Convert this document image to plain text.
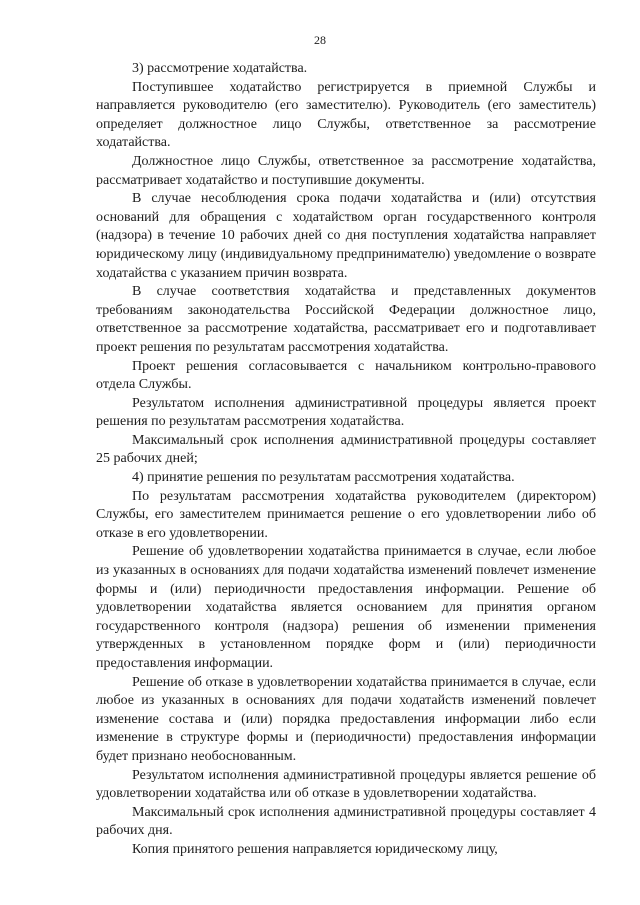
28

3) рассмотрение ходатайства.

Поступившее ходатайство регистрируется в приемной Службы и направляется руководителю (его заместителю). Руководитель (его заместитель) определяет должностное лицо Службы, ответственное за рассмотрение ходатайства.

Должностное лицо Службы, ответственное за рассмотрение ходатайства, рассматривает ходатайство и поступившие документы.

В случае несоблюдения срока подачи ходатайства и (или) отсутствия оснований для обращения с ходатайством орган государственного контроля (надзора) в течение 10 рабочих дней со дня поступления ходатайства направляет юридическому лицу (индивидуальному предпринимателю) уведомление о возврате ходатайства с указанием причин возврата.

В случае соответствия ходатайства и представленных документов требованиям законодательства Российской Федерации должностное лицо, ответственное за рассмотрение ходатайства, рассматривает его и подготавливает проект решения по результатам рассмотрения ходатайства.

Проект решения согласовывается с начальником контрольно-правового отдела Службы.

Результатом исполнения административной процедуры является проект решения по результатам рассмотрения ходатайства.

Максимальный срок исполнения административной процедуры составляет 25 рабочих дней;

4) принятие решения по результатам рассмотрения ходатайства.

По результатам рассмотрения ходатайства руководителем (директором) Службы, его заместителем принимается решение о его удовлетворении либо об отказе в его удовлетворении.

Решение об удовлетворении ходатайства принимается в случае, если любое из указанных в основаниях для подачи ходатайства изменений повлечет изменение формы и (или) периодичности предоставления информации. Решение об удовлетворении ходатайства является основанием для принятия органом государственного контроля (надзора) решения об изменении применения утвержденных в установленном порядке форм и (или) периодичности предоставления информации.

Решение об отказе в удовлетворении ходатайства принимается в случае, если любое из указанных в основаниях для подачи ходатайств изменений повлечет изменение состава и (или) порядка предоставления информации либо если изменение в структуре формы и (периодичности) предоставления информации будет признано необоснованным.

Результатом исполнения административной процедуры является решение об удовлетворении ходатайства или об отказе в удовлетворении ходатайства.

Максимальный срок исполнения административной процедуры составляет 4 рабочих дня.

Копия принятого решения направляется юридическому лицу,
